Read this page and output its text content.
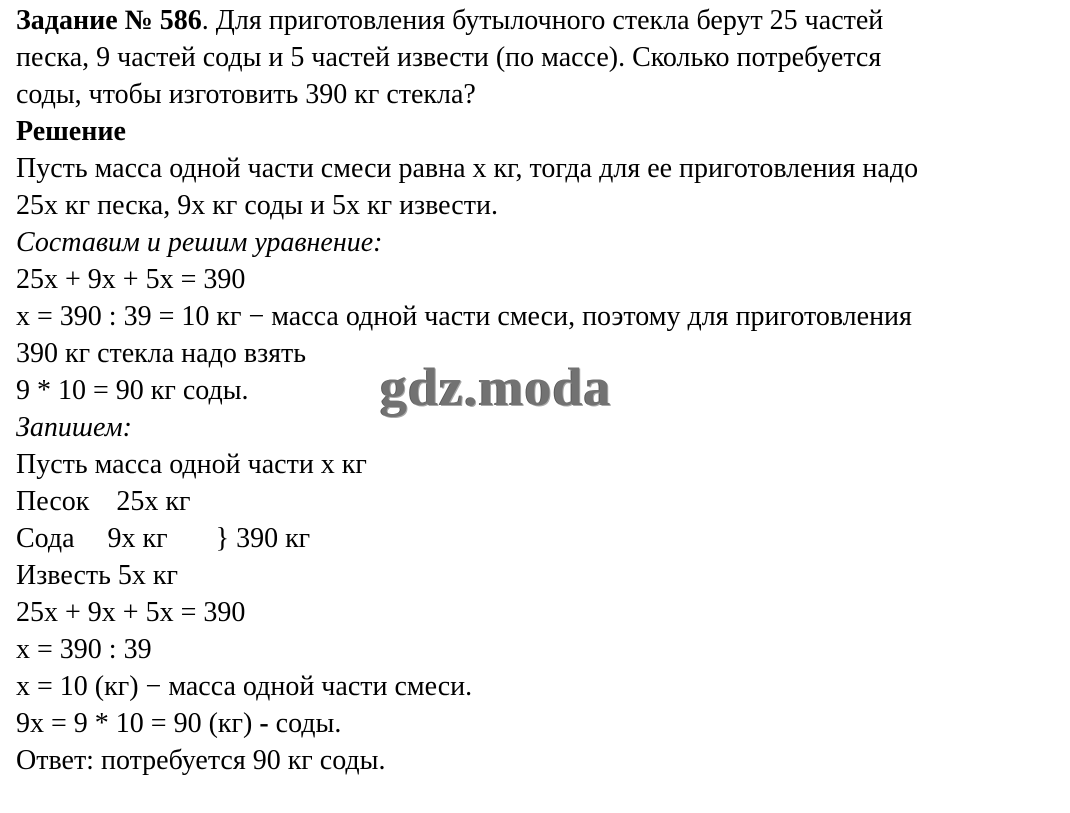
Задание № 586. Для приготовления бутылочного стекла берут 25 частей
песка, 9 частей соды и 5 частей извести (по массе). Сколько потребуется
соды, чтобы изготовить 390 кг стекла?
Решение
Пусть масса одной части смеси равна х кг, тогда для ее приготовления надо
25х кг песка, 9х кг соды и 5х кг извести.
Составим и решим уравнение:
25х + 9х + 5х = 390
х = 390 : 39 = 10 кг − масса одной части смеси, поэтому для приготовления
390 кг стекла надо взять
9 * 10 = 90 кг соды.
Запишем:
Пусть масса одной части х кг
Песок 25х кг
Сода 9х кг } 390 кг
Известь 5х кг
25х + 9х + 5х = 390
х = 390 : 39
х = 10 (кг) − масса одной части смеси.
9х = 9 * 10 = 90 (кг) - соды.
Ответ: потребуется 90 кг соды.
gdz.moda
